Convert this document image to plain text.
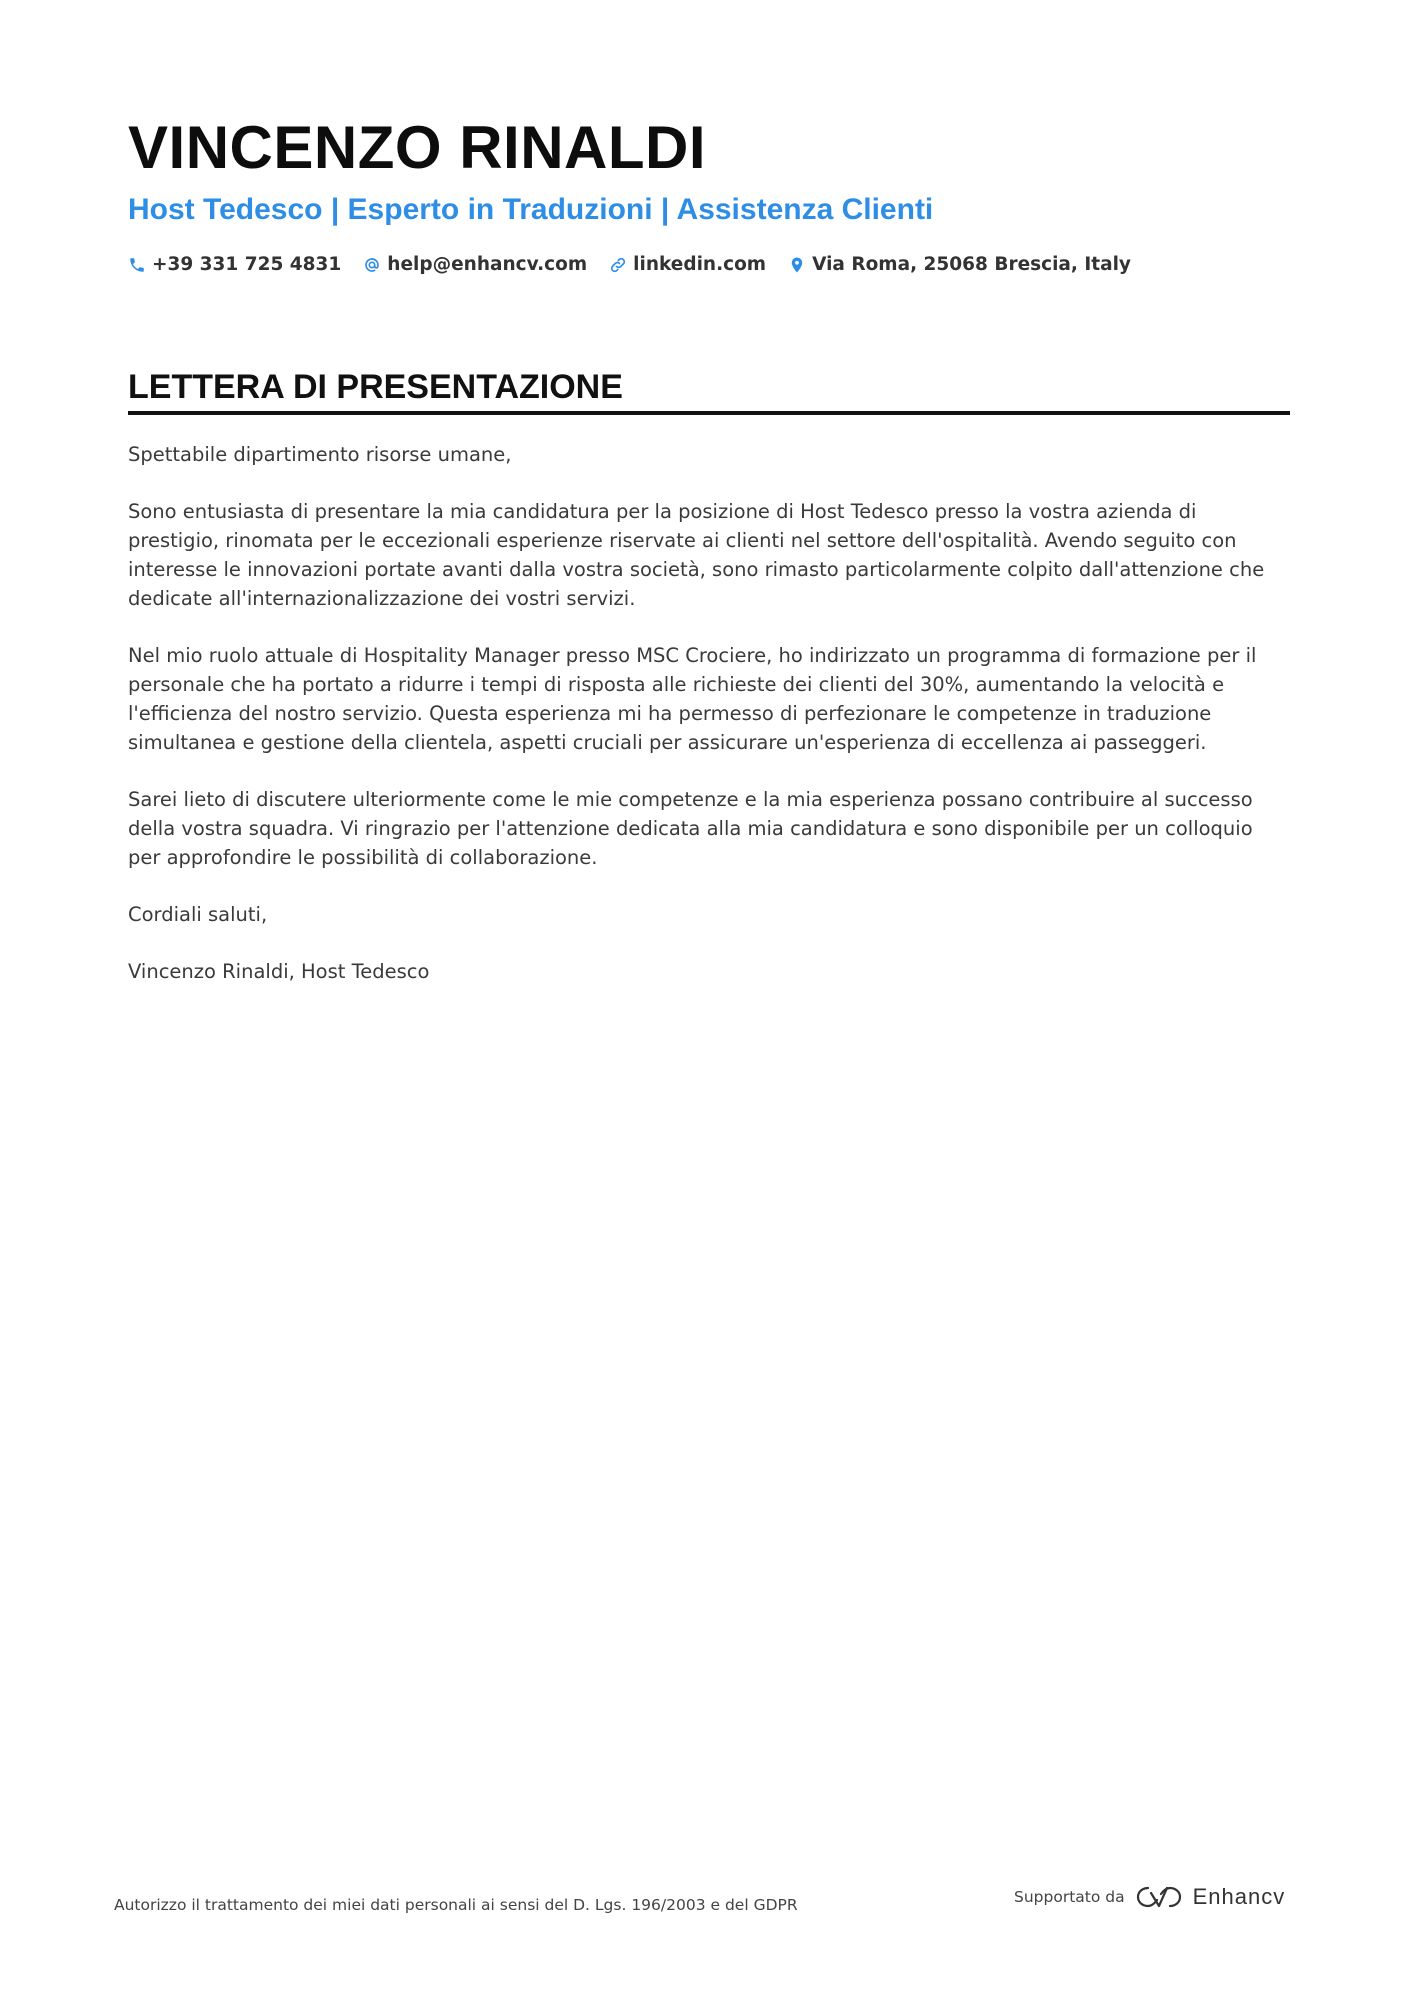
VINCENZO RINALDI
Host Tedesco | Esperto in Traduzioni | Assistenza Clienti
+39 331 725 4831 help@enhancv.com linkedin.com Via Roma, 25068 Brescia, Italy
LETTERA DI PRESENTAZIONE

Spettabile dipartimento risorse umane,

Sono entusiasta di presentare la mia candidatura per la posizione di Host Tedesco presso la vostra azienda di prestigio, rinomata per le eccezionali esperienze riservate ai clienti nel settore dell'ospitalità. Avendo seguito con interesse le innovazioni portate avanti dalla vostra società, sono rimasto particolarmente colpito dall'attenzione che dedicate all'internazionalizzazione dei vostri servizi.

Nel mio ruolo attuale di Hospitality Manager presso MSC Crociere, ho indirizzato un programma di formazione per il personale che ha portato a ridurre i tempi di risposta alle richieste dei clienti del 30%, aumentando la velocità e l'efficienza del nostro servizio. Questa esperienza mi ha permesso di perfezionare le competenze in traduzione simultanea e gestione della clientela, aspetti cruciali per assicurare un'esperienza di eccellenza ai passeggeri.

Sarei lieto di discutere ulteriormente come le mie competenze e la mia esperienza possano contribuire al successo della vostra squadra. Vi ringrazio per l'attenzione dedicata alla mia candidatura e sono disponibile per un colloquio per approfondire le possibilità di collaborazione.

Cordiali saluti,

Vincenzo Rinaldi, Host Tedesco

Autorizzo il trattamento dei miei dati personali ai sensi del D. Lgs. 196/2003 e del GDPR	Supportato da	Enhancv
